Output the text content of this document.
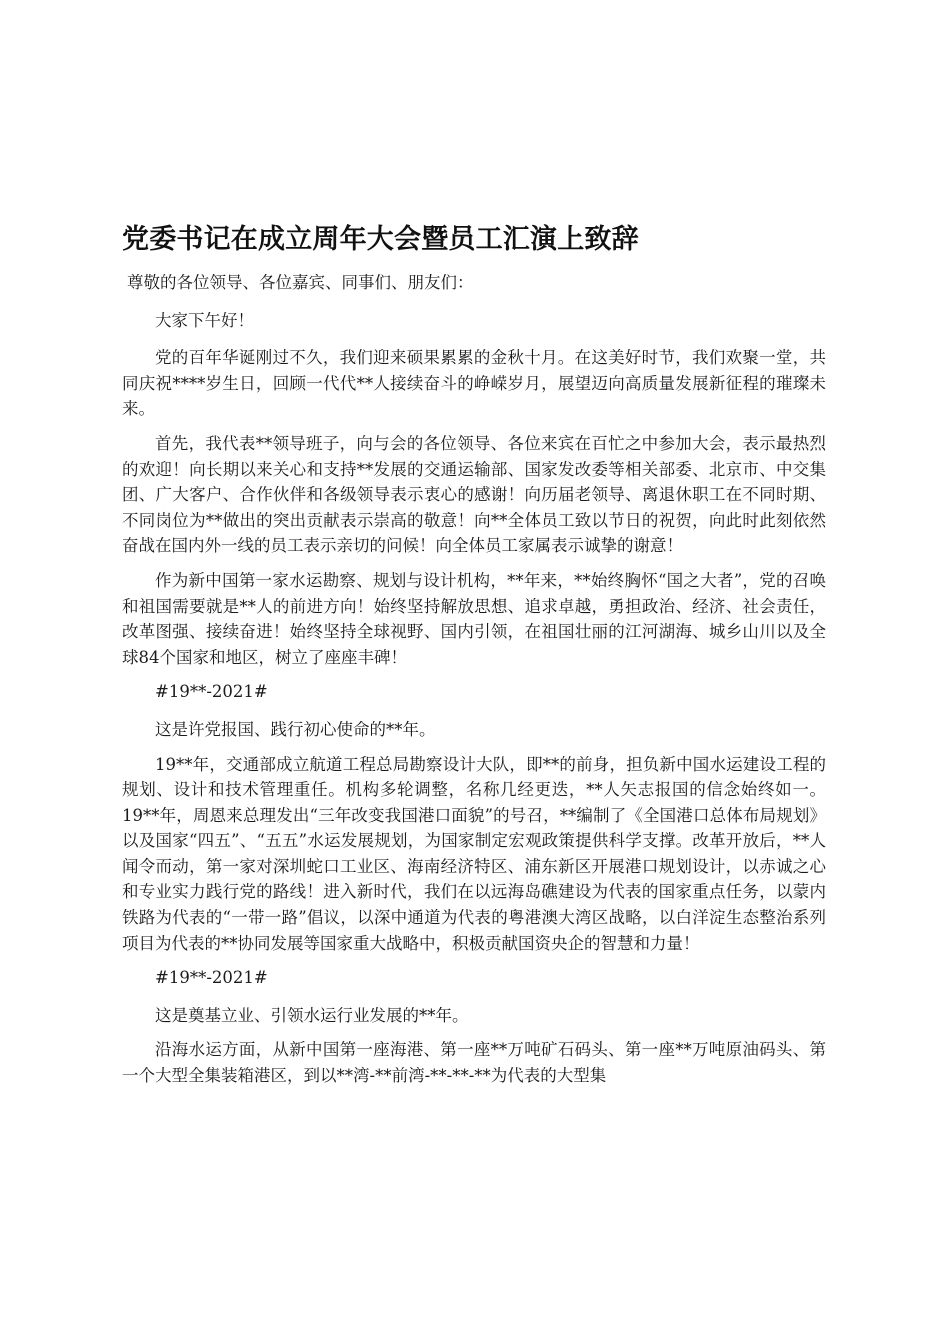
党委书记在成立周年大会暨员工汇演上致辞

尊敬的各位领导、各位嘉宾、同事们、朋友们：

大家下午好！

党的百年华诞刚过不久，我们迎来硕果累累的金秋十月。在这美好时节，我们欢聚一堂，共同庆祝****岁生日，回顾一代代**人接续奋斗的峥嵘岁月，展望迈向高质量发展新征程的璀璨未来。

首先，我代表**领导班子，向与会的各位领导、各位来宾在百忙之中参加大会，表示最热烈的欢迎！向长期以来关心和支持**发展的交通运输部、国家发改委等相关部委、北京市、中交集团、广大客户、合作伙伴和各级领导表示衷心的感谢！向历届老领导、离退休职工在不同时期、不同岗位为**做出的突出贡献表示崇高的敬意！向**全体员工致以节日的祝贺，向此时此刻依然奋战在国内外一线的员工表示亲切的问候！向全体员工家属表示诚挚的谢意！

作为新中国第一家水运勘察、规划与设计机构，**年来，**始终胸怀“国之大者”，党的召唤和祖国需要就是**人的前进方向！始终坚持解放思想、追求卓越，勇担政治、经济、社会责任，改革图强、接续奋进！始终坚持全球视野、国内引领，在祖国壮丽的江河湖海、城乡山川以及全球84个国家和地区，树立了座座丰碑！

#19**-2021#

这是许党报国、践行初心使命的**年。

19**年，交通部成立航道工程总局勘察设计大队，即**的前身，担负新中国水运建设工程的规划、设计和技术管理重任。机构多轮调整，名称几经更迭，**人矢志报国的信念始终如一。19**年，周恩来总理发出“三年改变我国港口面貌”的号召，**编制了《全国港口总体布局规划》以及国家“四五”、“五五”水运发展规划，为国家制定宏观政策提供科学支撑。改革开放后，**人闻令而动，第一家对深圳蛇口工业区、海南经济特区、浦东新区开展港口规划设计，以赤诚之心和专业实力践行党的路线！进入新时代，我们在以远海岛礁建设为代表的国家重点任务，以蒙内铁路为代表的“一带一路”倡议，以深中通道为代表的粤港澳大湾区战略，以白洋淀生态整治系列项目为代表的**协同发展等国家重大战略中，积极贡献国资央企的智慧和力量！

#19**-2021#

这是奠基立业、引领水运行业发展的**年。

沿海水运方面，从新中国第一座海港、第一座**万吨矿石码头、第一座**万吨原油码头、第一个大型全集装箱港区，到以**湾-**前湾-**-**-**为代表的大型集
